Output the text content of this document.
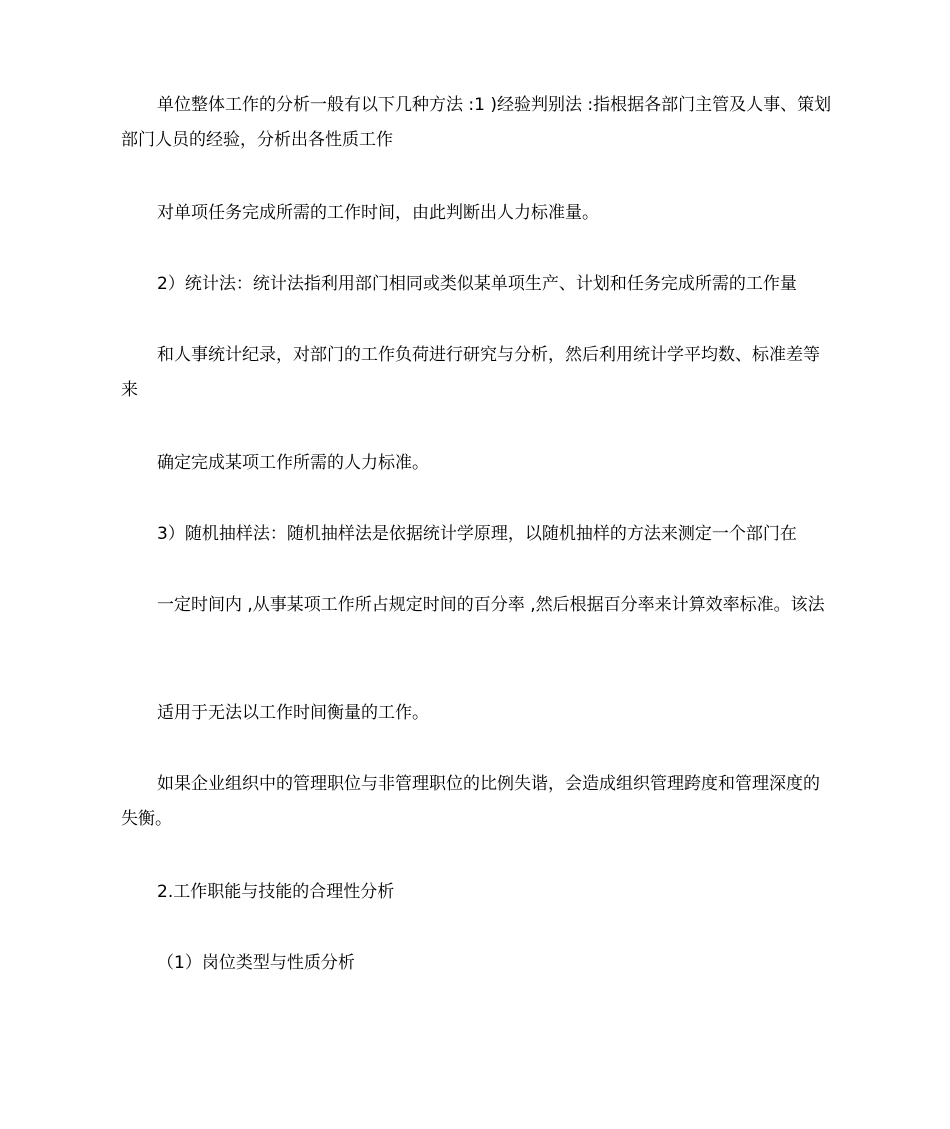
单位整体工作的分析一般有以下几种方法 :1 )经验判别法 :指根据各部门主管及人事、策划部门人员的经验，分析出各性质工作

对单项任务完成所需的工作时间，由此判断出人力标准量。

2）统计法：统计法指利用部门相同或类似某单项生产、计划和任务完成所需的工作量

和人事统计纪录，对部门的工作负荷进行研究与分析，然后利用统计学平均数、标准差等来

确定完成某项工作所需的人力标准。

3）随机抽样法：随机抽样法是依据统计学原理，以随机抽样的方法来测定一个部门在

一定时间内 ,从事某项工作所占规定时间的百分率 ,然后根据百分率来计算效率标准。该法

适用于无法以工作时间衡量的工作。

如果企业组织中的管理职位与非管理职位的比例失谐，会造成组织管理跨度和管理深度的失衡。

2.工作职能与技能的合理性分析

（1）岗位类型与性质分析
